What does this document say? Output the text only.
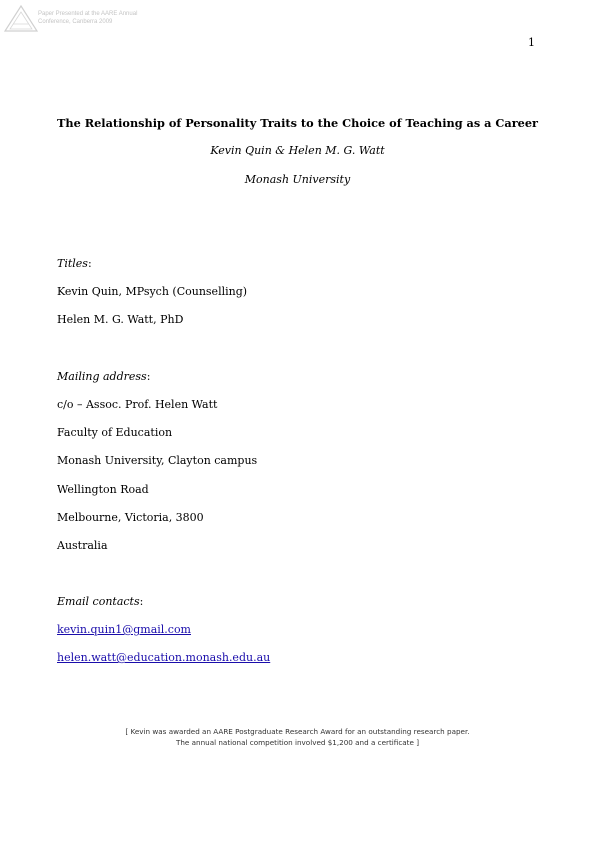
Paper Presented at the AARE Annual
Conference, Canberra 2009
1
The Relationship of Personality Traits to the Choice of Teaching as a Career
Kevin Quin & Helen M. G. Watt
Monash University
Titles:
Kevin Quin, MPsych (Counselling)
Helen M. G. Watt, PhD
Mailing address:
c/o – Assoc. Prof. Helen Watt
Faculty of Education
Monash University, Clayton campus
Wellington Road
Melbourne, Victoria, 3800
Australia
Email contacts:
kevin.quin1@gmail.com
helen.watt@education.monash.edu.au
[ Kevin was awarded an AARE Postgraduate Research Award for an outstanding research paper.
The annual national competition involved $1,200 and a certificate ]
